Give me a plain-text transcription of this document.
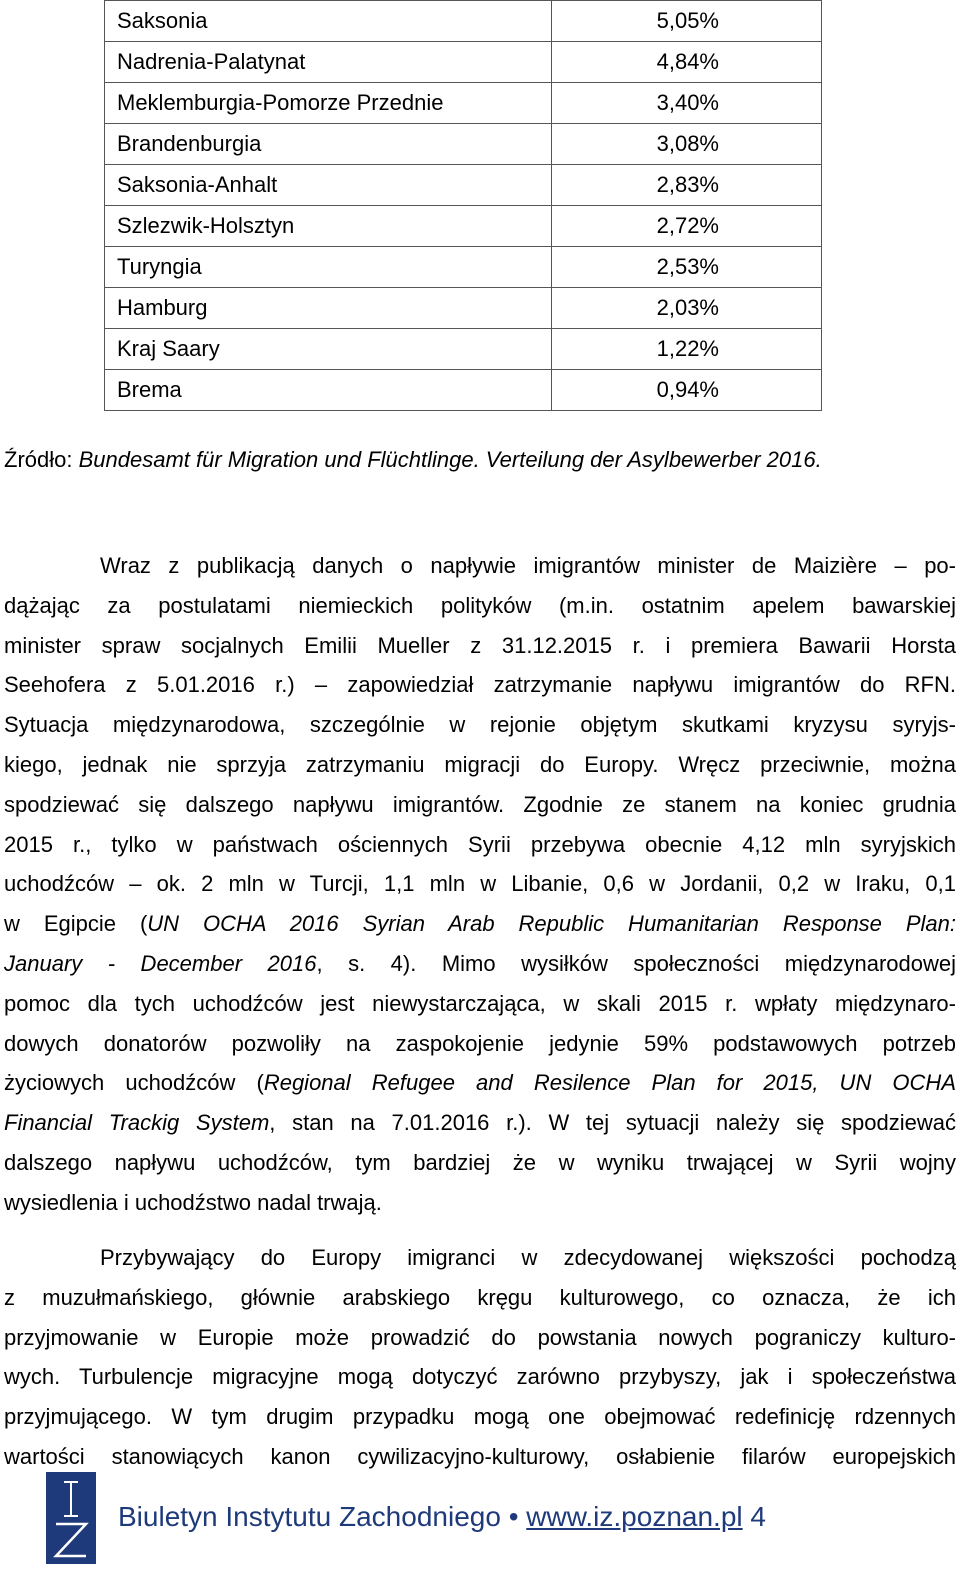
Saksonia	5,05%
Nadrenia-Palatynat	4,84%
Meklemburgia-Pomorze Przednie	3,40%
Brandenburgia	3,08%
Saksonia-Anhalt	2,83%
Szlezwik-Holsztyn	2,72%
Turyngia	2,53%
Hamburg	2,03%
Kraj Saary	1,22%
Brema	0,94%
Źródło: Bundesamt für Migration und Flüchtlinge. Verteilung der Asylbewerber 2016.
Wraz z publikacją danych o napływie imigrantów minister de Maizière – po-
dążając za postulatami niemieckich polityków (m.in. ostatnim apelem bawarskiej
minister spraw socjalnych Emilii Mueller z 31.12.2015 r. i premiera Bawarii Horsta
Seehofera z 5.01.2016 r.) – zapowiedział zatrzymanie napływu imigrantów do RFN.
Sytuacja międzynarodowa, szczególnie w rejonie objętym skutkami kryzysu syryjs-
kiego, jednak nie sprzyja zatrzymaniu migracji do Europy. Wręcz przeciwnie, można
spodziewać się dalszego napływu imigrantów. Zgodnie ze stanem na koniec grudnia
2015 r., tylko w państwach ościennych Syrii przebywa obecnie 4,12 mln syryjskich
uchodźców – ok. 2 mln w Turcji, 1,1 mln w Libanie, 0,6 w Jordanii, 0,2 w Iraku, 0,1
w Egipcie (UN OCHA 2016 Syrian Arab Republic Humanitarian Response Plan:
January - December 2016, s. 4). Mimo wysiłków społeczności międzynarodowej
pomoc dla tych uchodźców jest niewystarczająca, w skali 2015 r. wpłaty międzynaro-
dowych donatorów pozwoliły na zaspokojenie jedynie 59% podstawowych potrzeb
życiowych uchodźców (Regional Refugee and Resilence Plan for 2015, UN OCHA
Financial Trackig System, stan na 7.01.2016 r.). W tej sytuacji należy się spodziewać
dalszego napływu uchodźców, tym bardziej że w wyniku trwającej w Syrii wojny
wysiedlenia i uchodźstwo nadal trwają.
Przybywający do Europy imigranci w zdecydowanej większości pochodzą
z muzułmańskiego, głównie arabskiego kręgu kulturowego, co oznacza, że ich
przyjmowanie w Europie może prowadzić do powstania nowych pograniczy kulturo-
wych. Turbulencje migracyjne mogą dotyczyć zarówno przybyszy, jak i społeczeństwa
przyjmującego. W tym drugim przypadku mogą one obejmować redefinicję rdzennych
wartości stanowiących kanon cywilizacyjno-kulturowy, osłabienie filarów europejskich
Biuletyn Instytutu Zachodniego • www.iz.poznan.pl 4
